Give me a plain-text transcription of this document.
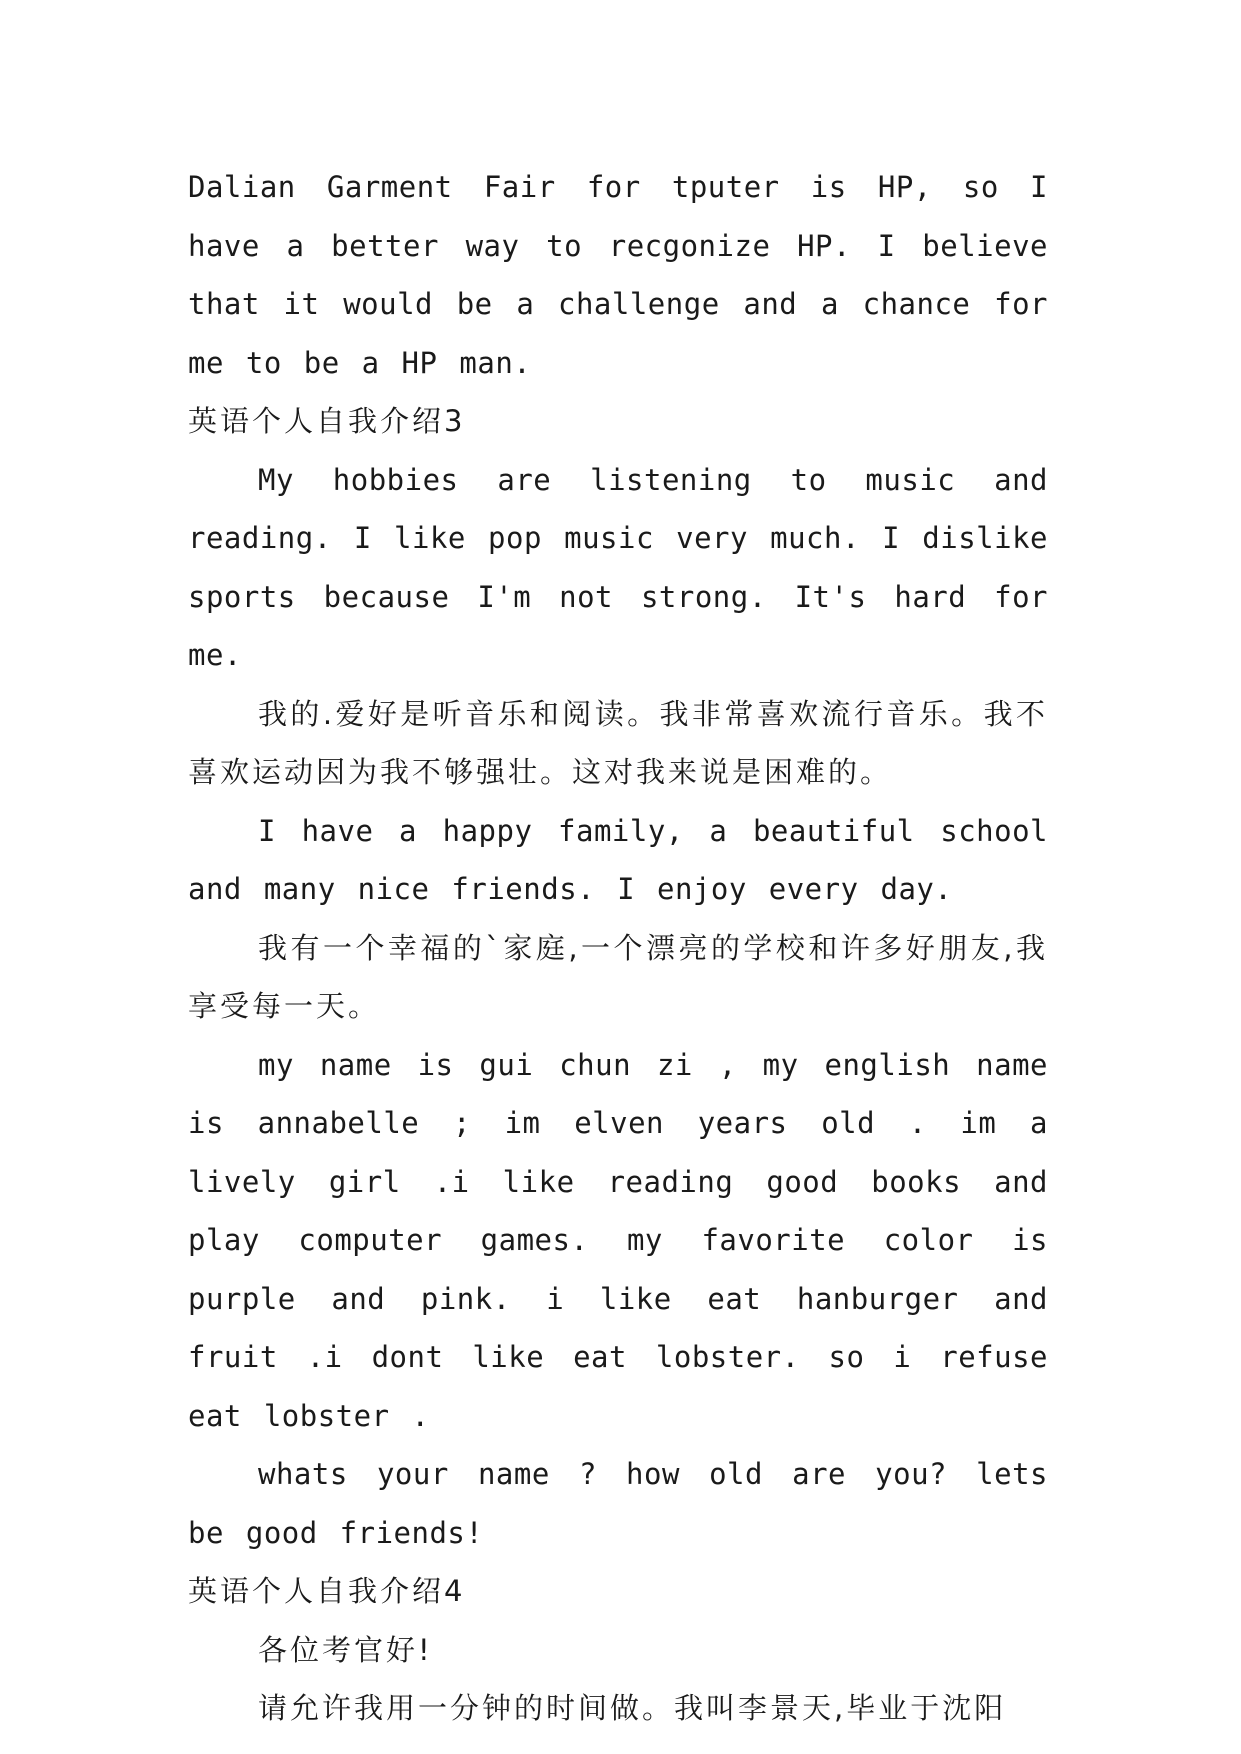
Dalian Garment Fair for tputer is HP, so I have a better way to recgonize HP. I believe that it would be a challenge and a chance for me to be a HP man.

英语个人自我介绍3

My hobbies are listening to music and reading. I like pop music very much. I dislike sports because I'm not strong. It's hard for me.

我的.爱好是听音乐和阅读。我非常喜欢流行音乐。我不喜欢运动因为我不够强壮。这对我来说是困难的。

I have a happy family, a beautiful school and many nice friends. I enjoy every day.

我有一个幸福的`家庭,一个漂亮的学校和许多好朋友,我享受每一天。

my name is gui chun zi , my english name is annabelle ; im elven years old . im a lively girl .i like reading good books and play computer games. my favorite color is purple and pink. i like eat hanburger and fruit .i dont like eat lobster. so i refuse eat lobster .

whats your name ? how old are you? lets be good friends!

英语个人自我介绍4

各位考官好!

请允许我用一分钟的时间做。我叫李景天,毕业于沈阳
